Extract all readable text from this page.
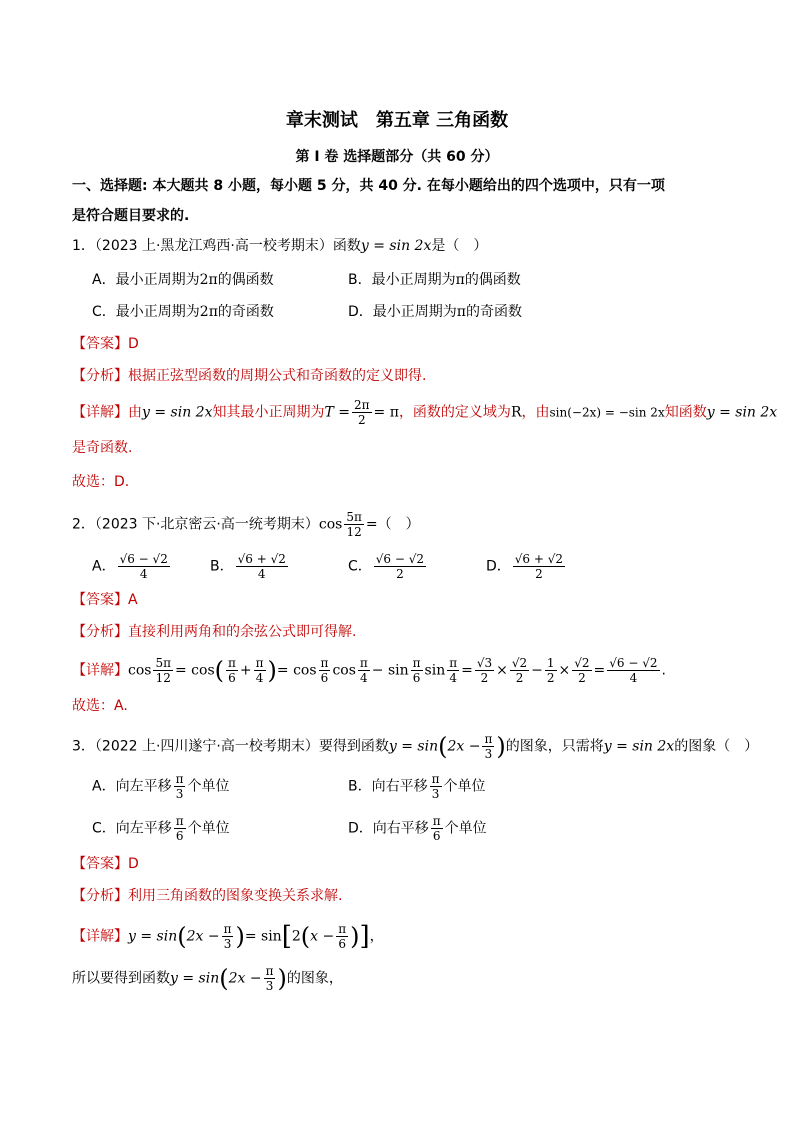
章末测试　第五章 三角函数
第 I 卷 选择题部分（共 60 分）
一、选择题: 本大题共 8 小题，每小题 5 分，共 40 分. 在每小题给出的四个选项中，只有一项
是符合题目要求的.
1．（2023 上·黑龙江鸡西·高一校考期末）函数y = sin 2x是（　）
A．最小正周期为2π的偶函数	B．最小正周期为π的偶函数
C．最小正周期为2π的奇函数	D．最小正周期为π的奇函数
【答案】D
【分析】根据正弦型函数的周期公式和奇函数的定义即得.
【详解】由y = sin 2x知其最小正周期为$T = \frac{2\pi}{2} = \pi$，函数的定义域为R，由sin(−2x) = −sin 2x知函数y = sin 2x
是奇函数.
故选：D.
2．（2023 下·北京密云·高一统考期末）$\cos \frac{5\pi}{12}$ =（　）
A． $\frac{√6 - √2}{4}$	B． $\frac{√6 + √2}{4}$	C． $\frac{√6 - √2}{2}$	D． $\frac{√6 + √2}{2}$
【答案】A
【分析】直接利用两角和的余弦公式即可得解.
【详解】$\cos \frac{5\pi}{12} = \cos( \frac{\pi}{6} + \frac{\pi}{4}$ )= $\cos \frac{\pi}{6}$ $\cos \frac{\pi}{4} - \sin \frac{\pi}{6}$ $\sin \frac{\pi}{4} = \frac{√3}{2} \times \frac{√2}{2} - \frac{1}{2} \times \frac{√2}{2} = \frac{√6 - √2}{4}$ .
故选：A.
3．（2022 上·四川遂宁·高一校考期末）要得到函数$y = \sin(2x - \frac{\pi}{3}$ )的图象，只需将y = sin 2x的图象（　）
A．向左平移 $\frac{\pi}{3}$ 个单位	B．向右平移 $\frac{\pi}{3}$ 个单位
C．向左平移 $\frac{\pi}{6}$ 个单位	D．向右平移 $\frac{\pi}{6}$ 个单位
【答案】D
【分析】利用三角函数的图象变换关系求解.
【详解】$y = \sin(2x - \frac{\pi}{3}$ )= $\sin[2(x - \frac{\pi}{6}$ )]，
所以要得到函数$y = \sin(2x - \frac{\pi}{3}$ )的图象，
